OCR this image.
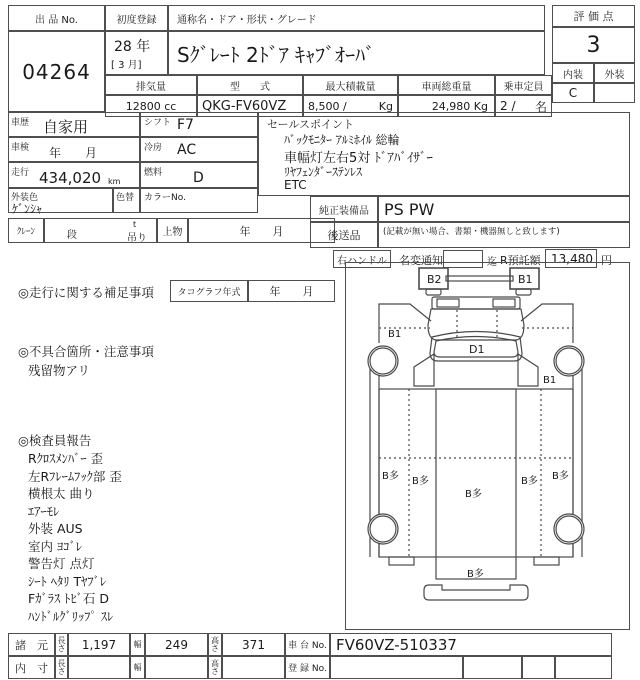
出 品 No.
04264
初度登録
28 年
[ 3 月]
通称名・ドア・形状・グレード
Sｸﾞﾚｰﾄ 2ﾄﾞｱ ｷｬﾌﾞｵｰﾊﾞ
排気量
12800 cc
型　　式
QKG-FV60VZ
最大積載量
8,500 /	Kg
車両総重量
24,980 Kg
乗車定員
2 / 名
評 価 点
3
内装	外装
C
車歴 自家用	シフト F7
車検 年　　月	冷房 AC
走行 434,020 km
燃料 D
外装色
ｹﾞﾝｼｬ
色替	カラーNo.
ｸﾚｰﾝ	段
t
吊り
上物	年　　月
セールスポイント
ﾊﾞｯｸﾓﾆﾀｰ ｱﾙﾐﾎｲﾙ 総輪
車幅灯左右5対 ﾄﾞｱﾊﾞｲｻﾞｰ
ﾘﾔﾌｪﾝﾀﾞｰｽﾃﾝﾚｽ
ETC
純正装備品 PS PW
後送品	(記載が無い場合、書類・機器無しと致します)
右ハンドル	名変通知	迄 R預託額 13,480 円
◎走行に関する補足事項	タコグラフ年式	年　　月
◎不具合箇所・注意事項
残留物アリ
◎検査員報告
Rｸﾛｽﾒﾝﾊﾞｰ 歪
左Rﾌﾚｰﾑﾌｯｸ部 歪
横根太 曲り
ｴｱｰﾓﾚ
外装 AUS
室内 ﾖｺﾞﾚ
警告灯 点灯
ｼｰﾄ ﾍﾀﾘ Tﾔﾌﾞﾚ
Fｶﾞﾗｽ ﾄﾋﾞ石 D
ﾊﾝﾄﾞﾙｸﾞﾘｯﾌﾟ ｽﾚ
B2	B1
D1
B1
B1
B多 B多
B多
B多 B多
B多
諸　元	長さ	1,197	幅	249	高さ	371	車 台 No. FV60VZ-510337
内　寸	長さ	幅	高さ	登 録 No.
